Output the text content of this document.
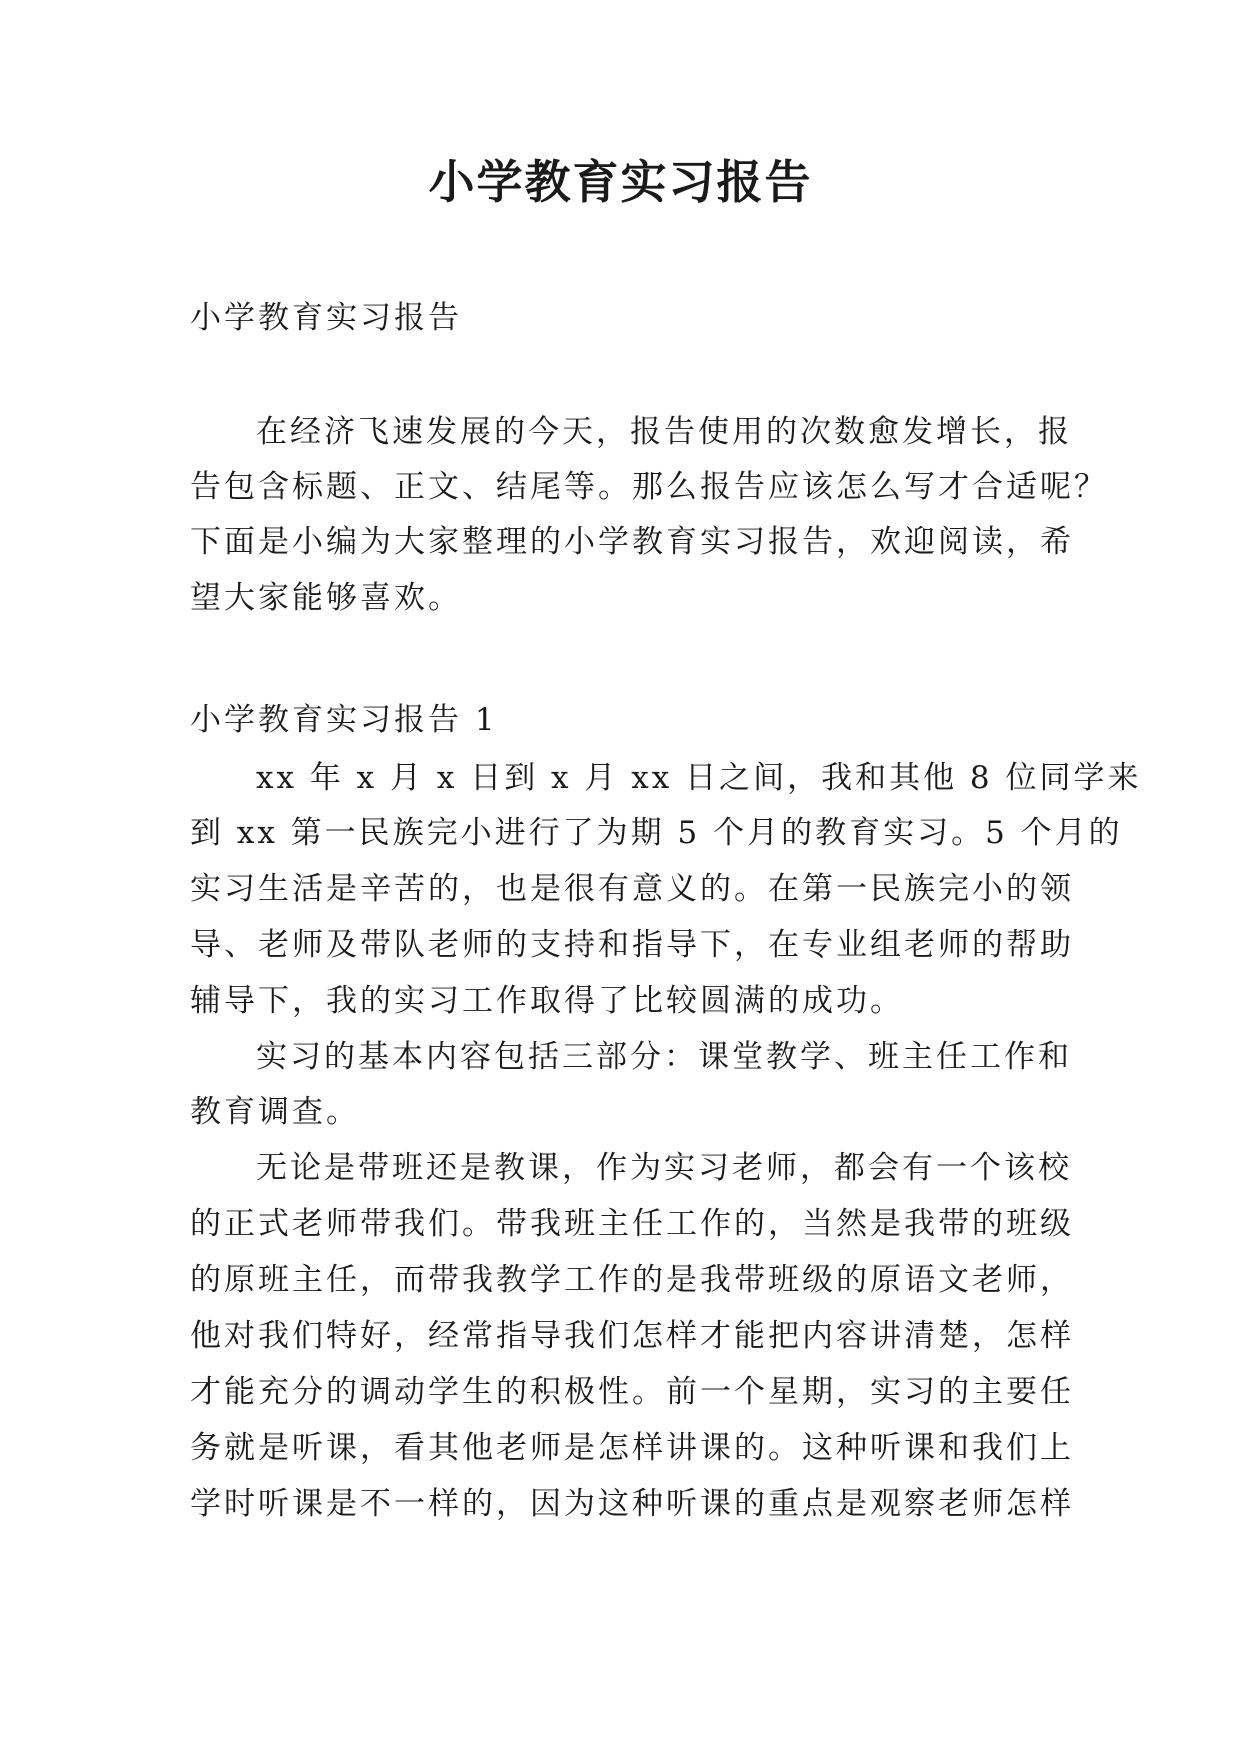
小学教育实习报告
小学教育实习报告
在经济飞速发展的今天，报告使用的次数愈发增长，报
告包含标题、正文、结尾等。那么报告应该怎么写才合适呢？
下面是小编为大家整理的小学教育实习报告，欢迎阅读，希
望大家能够喜欢。
小学教育实习报告 1
xx 年 x 月 x 日到 x 月 xx 日之间，我和其他 8 位同学来
到 xx 第一民族完小进行了为期 5 个月的教育实习。5 个月的
实习生活是辛苦的，也是很有意义的。在第一民族完小的领
导、老师及带队老师的支持和指导下，在专业组老师的帮助
辅导下，我的实习工作取得了比较圆满的成功。
实习的基本内容包括三部分：课堂教学、班主任工作和
教育调查。
无论是带班还是教课，作为实习老师，都会有一个该校
的正式老师带我们。带我班主任工作的，当然是我带的班级
的原班主任，而带我教学工作的是我带班级的原语文老师，
他对我们特好，经常指导我们怎样才能把内容讲清楚，怎样
才能充分的调动学生的积极性。前一个星期，实习的主要任
务就是听课，看其他老师是怎样讲课的。这种听课和我们上
学时听课是不一样的，因为这种听课的重点是观察老师怎样
